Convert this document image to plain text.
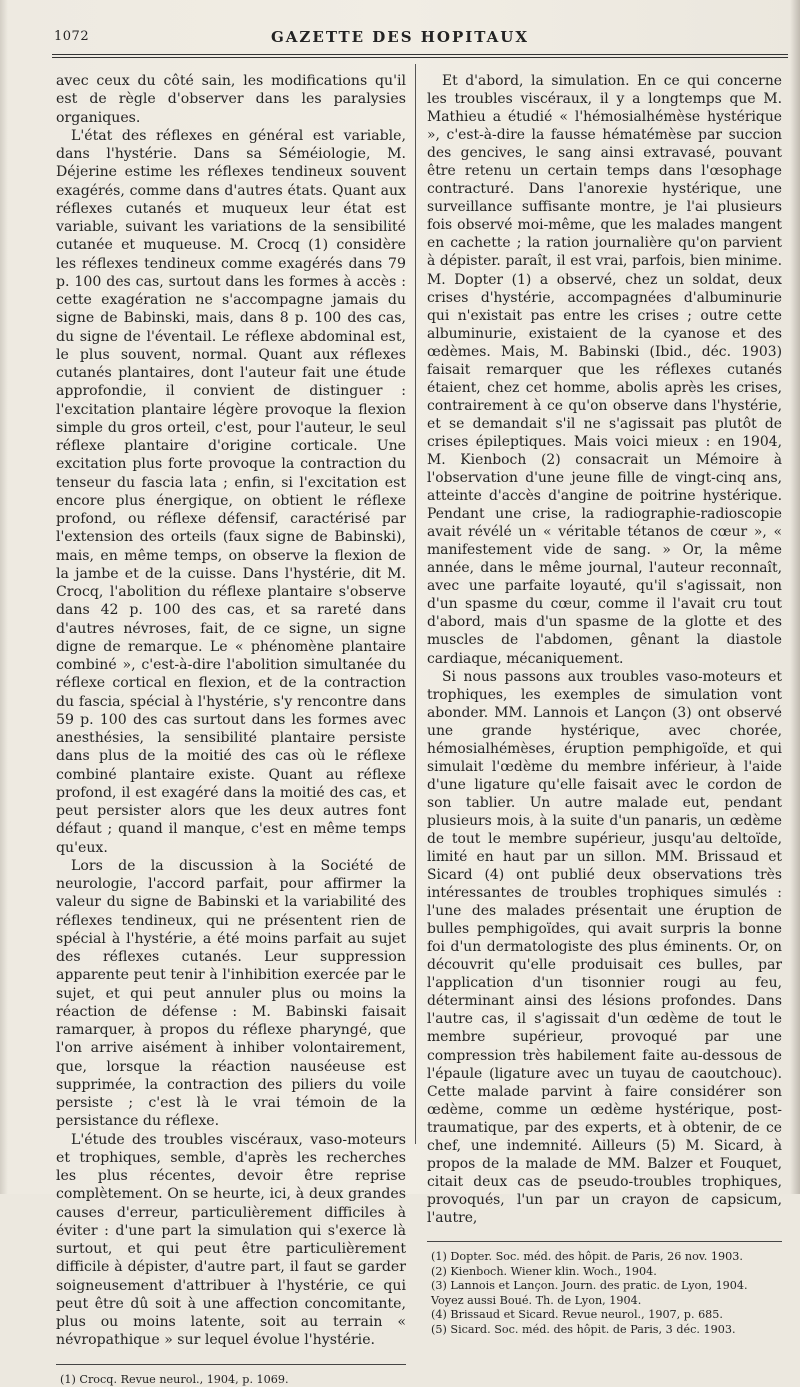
1072	GAZETTE DES HOPITAUX

avec ceux du côté sain, les modifications qu'il est de règle d'observer dans les paralysies organiques.

L'état des réflexes en général est variable, dans l'hystérie. Dans sa Séméiologie, M. Déjerine estime les réflexes tendineux souvent exagérés, comme dans d'autres états. Quant aux réflexes cutanés et muqueux leur état est variable, suivant les variations de la sensibilité cutanée et muqueuse. M. Crocq (1) considère les réflexes tendineux comme exagérés dans 79 p. 100 des cas, surtout dans les formes à accès : cette exagération ne s'accompagne jamais du signe de Babinski, mais, dans 8 p. 100 des cas, du signe de l'éventail. Le réflexe abdominal est, le plus souvent, normal. Quant aux réflexes cutanés plantaires, dont l'auteur fait une étude approfondie, il convient de distinguer : l'excitation plantaire légère provoque la flexion simple du gros orteil, c'est, pour l'auteur, le seul réflexe plantaire d'origine corticale. Une excitation plus forte provoque la contraction du tenseur du fascia lata ; enfin, si l'excitation est encore plus énergique, on obtient le réflexe profond, ou réflexe défensif, caractérisé par l'extension des orteils (faux signe de Babinski), mais, en même temps, on observe la flexion de la jambe et de la cuisse. Dans l'hystérie, dit M. Crocq, l'abolition du réflexe plantaire s'observe dans 42 p. 100 des cas, et sa rareté dans d'autres névroses, fait, de ce signe, un signe digne de remarque. Le « phénomène plantaire combiné », c'est-à-dire l'abolition simultanée du réflexe cortical en flexion, et de la contraction du fascia, spécial à l'hystérie, s'y rencontre dans 59 p. 100 des cas surtout dans les formes avec anesthésies, la sensibilité plantaire persiste dans plus de la moitié des cas où le réflexe combiné plantaire existe. Quant au réflexe profond, il est exagéré dans la moitié des cas, et peut persister alors que les deux autres font défaut ; quand il manque, c'est en même temps qu'eux.

Lors de la discussion à la Société de neurologie, l'accord parfait, pour affirmer la valeur du signe de Babinski et la variabilité des réflexes tendineux, qui ne présentent rien de spécial à l'hystérie, a été moins parfait au sujet des réflexes cutanés. Leur suppression apparente peut tenir à l'inhibition exercée par le sujet, et qui peut annuler plus ou moins la réaction de défense : M. Babinski faisait ramarquer, à propos du réflexe pharyngé, que l'on arrive aisément à inhiber volontairement, que, lorsque la réaction nauséeuse est supprimée, la contraction des piliers du voile persiste ; c'est là le vrai témoin de la persistance du réflexe.

L'étude des troubles viscéraux, vaso-moteurs et trophiques, semble, d'après les recherches les plus récentes, devoir être reprise complètement. On se heurte, ici, à deux grandes causes d'erreur, particulièrement difficiles à éviter : d'une part la simulation qui s'exerce là surtout, et qui peut être particulièrement difficile à dépister, d'autre part, il faut se garder soigneusement d'attribuer à l'hystérie, ce qui peut être dû soit à une affection concomitante, plus ou moins latente, soit au terrain « névropathique » sur lequel évolue l'hystérie.

(1) Crocq. Revue neurol., 1904, p. 1069.

Et d'abord, la simulation. En ce qui concerne les troubles viscéraux, il y a longtemps que M. Mathieu a étudié « l'hémosialhémèse hystérique », c'est-à-dire la fausse hématémèse par succion des gencives, le sang ainsi extravasé, pouvant être retenu un certain temps dans l'œsophage contracturé. Dans l'anorexie hystérique, une surveillance suffisante montre, je l'ai plusieurs fois observé moi-même, que les malades mangent en cachette ; la ration journalière qu'on parvient à dépister. paraît, il est vrai, parfois, bien minime. M. Dopter (1) a observé, chez un soldat, deux crises d'hystérie, accompagnées d'albuminurie qui n'existait pas entre les crises ; outre cette albuminurie, existaient de la cyanose et des œdèmes. Mais, M. Babinski (Ibid., déc. 1903) faisait remarquer que les réflexes cutanés étaient, chez cet homme, abolis après les crises, contrairement à ce qu'on observe dans l'hystérie, et se demandait s'il ne s'agissait pas plutôt de crises épileptiques. Mais voici mieux : en 1904, M. Kienboch (2) consacrait un Mémoire à l'observation d'une jeune fille de vingt-cinq ans, atteinte d'accès d'angine de poitrine hystérique. Pendant une crise, la radiographie-radioscopie avait révélé un « véritable tétanos de cœur », « manifestement vide de sang. » Or, la même année, dans le même journal, l'auteur reconnaît, avec une parfaite loyauté, qu'il s'agissait, non d'un spasme du cœur, comme il l'avait cru tout d'abord, mais d'un spasme de la glotte et des muscles de l'abdomen, gênant la diastole cardiaque, mécaniquement.

Si nous passons aux troubles vaso-moteurs et trophiques, les exemples de simulation vont abonder. MM. Lannois et Lançon (3) ont observé une grande hystérique, avec chorée, hémosialhémèses, éruption pemphigoïde, et qui simulait l'œdème du membre inférieur, à l'aide d'une ligature qu'elle faisait avec le cordon de son tablier. Un autre malade eut, pendant plusieurs mois, à la suite d'un panaris, un œdème de tout le membre supérieur, jusqu'au deltoïde, limité en haut par un sillon. MM. Brissaud et Sicard (4) ont publié deux observations très intéressantes de troubles trophiques simulés : l'une des malades présentait une éruption de bulles pemphigoïdes, qui avait surpris la bonne foi d'un dermatologiste des plus éminents. Or, on découvrit qu'elle produisait ces bulles, par l'application d'un tisonnier rougi au feu, déterminant ainsi des lésions profondes. Dans l'autre cas, il s'agissait d'un œdème de tout le membre supérieur, provoqué par une compression très habilement faite au-dessous de l'épaule (ligature avec un tuyau de caoutchouc). Cette malade parvint à faire considérer son œdème, comme un œdème hystérique, post-traumatique, par des experts, et à obtenir, de ce chef, une indemnité. Ailleurs (5) M. Sicard, à propos de la malade de MM. Balzer et Fouquet, citait deux cas de pseudo-troubles trophiques, provoqués, l'un par un crayon de capsicum, l'autre,

(1) Dopter. Soc. méd. des hôpit. de Paris, 26 nov. 1903.
(2) Kienboch. Wiener klin. Woch., 1904.
(3) Lannois et Lançon. Journ. des pratic. de Lyon, 1904. Voyez aussi Boué. Th. de Lyon, 1904.
(4) Brissaud et Sicard. Revue neurol., 1907, p. 685.
(5) Sicard. Soc. méd. des hôpit. de Paris, 3 déc. 1903.
